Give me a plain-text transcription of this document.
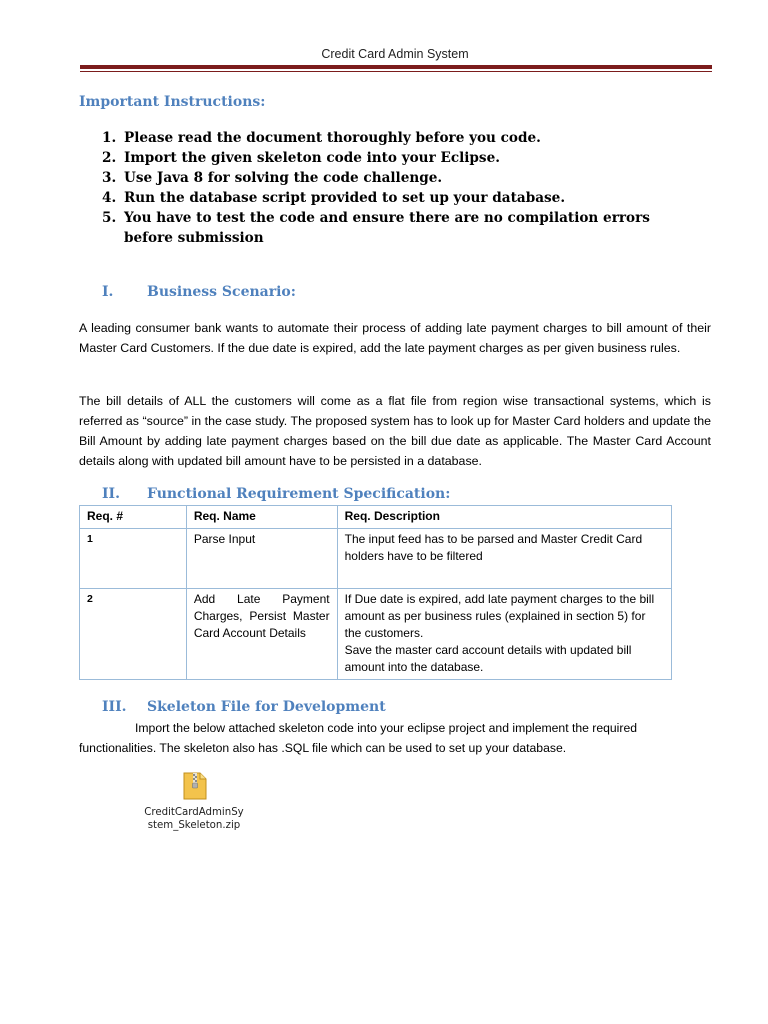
Credit Card Admin System
Important Instructions:
1. Please read the document thoroughly before you code.
2. Import the given skeleton code into your Eclipse.
3. Use Java 8 for solving the code challenge.
4. Run the database script provided to set up your database.
5. You have to test the code and ensure there are no compilation errors before submission
I. Business Scenario:

A leading consumer bank wants to automate their process of adding late payment charges to bill amount of their Master Card Customers. If the due date is expired, add the late payment charges as per given business rules.

The bill details of ALL the customers will come as a flat file from region wise transactional systems, which is referred as “source” in the case study. The proposed system has to look up for Master Card holders and update the Bill Amount by adding late payment charges based on the bill due date as applicable. The Master Card Account details along with updated bill amount have to be persisted in a database.

II. Functional Requirement Specification:
Req. #	Req. Name	Req. Description
1	Parse Input	The input feed has to be parsed and Master Credit Card holders have to be filtered

2	Add Late Payment Charges, Persist Master Card Account Details	If Due date is expired, add late payment charges to the bill amount as per business rules (explained in section 5) for the customers.
Save the master card account details with updated bill amount into the database.
III. Skeleton File for Development

Import the below attached skeleton code into your eclipse project and implement the required functionalities. The skeleton also has .SQL file which can be used to set up your database.

CreditCardAdminSy
stem_Skeleton.zip
